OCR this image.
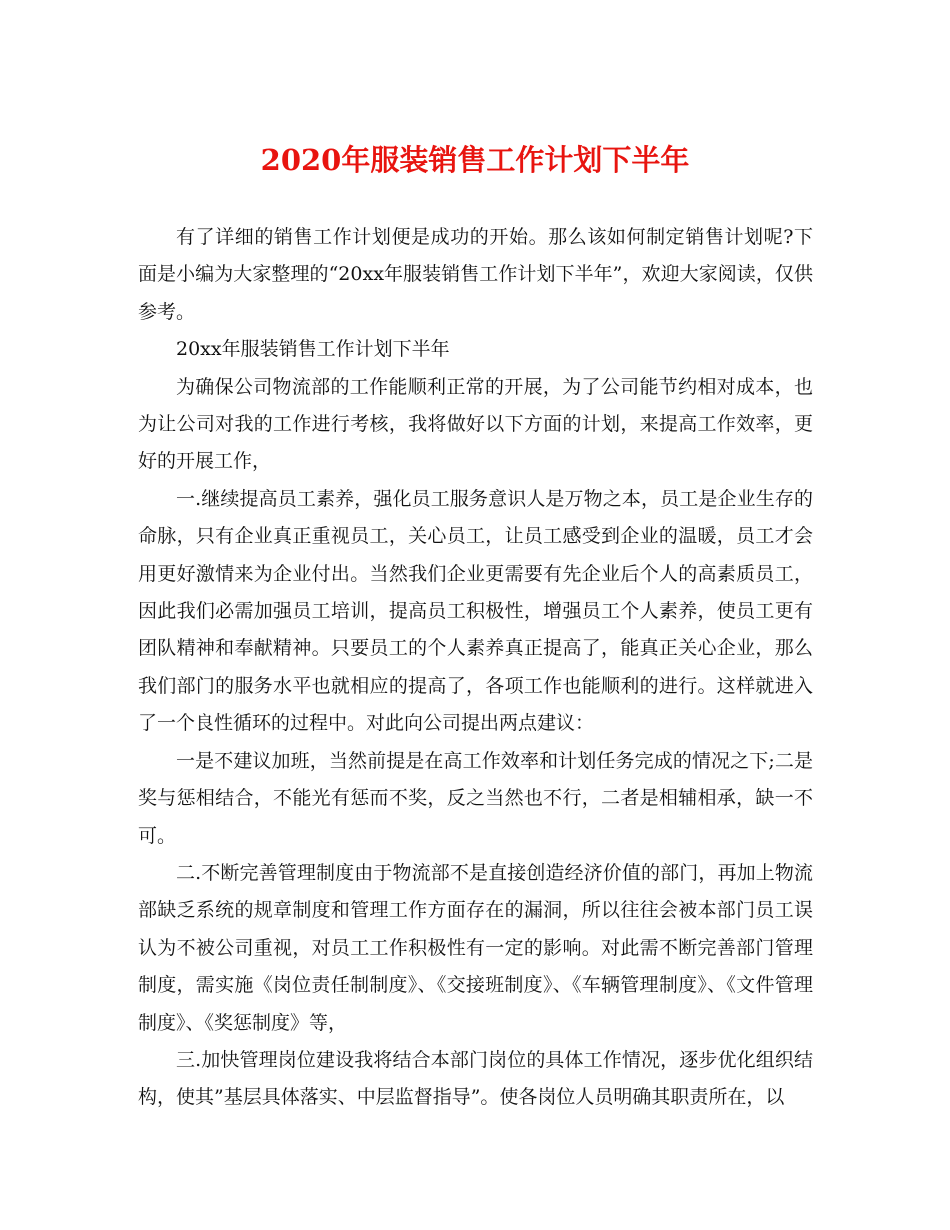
2020年服装销售工作计划下半年

有了详细的销售工作计划便是成功的开始。那么该如何制定销售计划呢?下面是小编为大家整理的“20xx年服装销售工作计划下半年”，欢迎大家阅读，仅供参考。

20xx年服装销售工作计划下半年

为确保公司物流部的工作能顺利正常的开展，为了公司能节约相对成本，也为让公司对我的工作进行考核，我将做好以下方面的计划，来提高工作效率，更好的开展工作，

一.继续提高员工素养，强化员工服务意识人是万物之本，员工是企业生存的命脉，只有企业真正重视员工，关心员工，让员工感受到企业的温暖，员工才会用更好激情来为企业付出。当然我们企业更需要有先企业后个人的高素质员工，因此我们必需加强员工培训，提高员工积极性，增强员工个人素养，使员工更有团队精神和奉献精神。只要员工的个人素养真正提高了，能真正关心企业，那么我们部门的服务水平也就相应的提高了，各项工作也能顺利的进行。这样就进入了一个良性循环的过程中。对此向公司提出两点建议：

一是不建议加班，当然前提是在高工作效率和计划任务完成的情况之下;二是奖与惩相结合，不能光有惩而不奖，反之当然也不行，二者是相辅相承，缺一不可。

二.不断完善管理制度由于物流部不是直接创造经济价值的部门，再加上物流部缺乏系统的规章制度和管理工作方面存在的漏洞，所以往往会被本部门员工误认为不被公司重视，对员工工作积极性有一定的影响。对此需不断完善部门管理制度，需实施《岗位责任制制度》、《交接班制度》、《车辆管理制度》、《文件管理制度》、《奖惩制度》等，

三.加快管理岗位建设我将结合本部门岗位的具体工作情况，逐步优化组织结构，使其”基层具体落实、中层监督指导”。使各岗位人员明确其职责所在，以
